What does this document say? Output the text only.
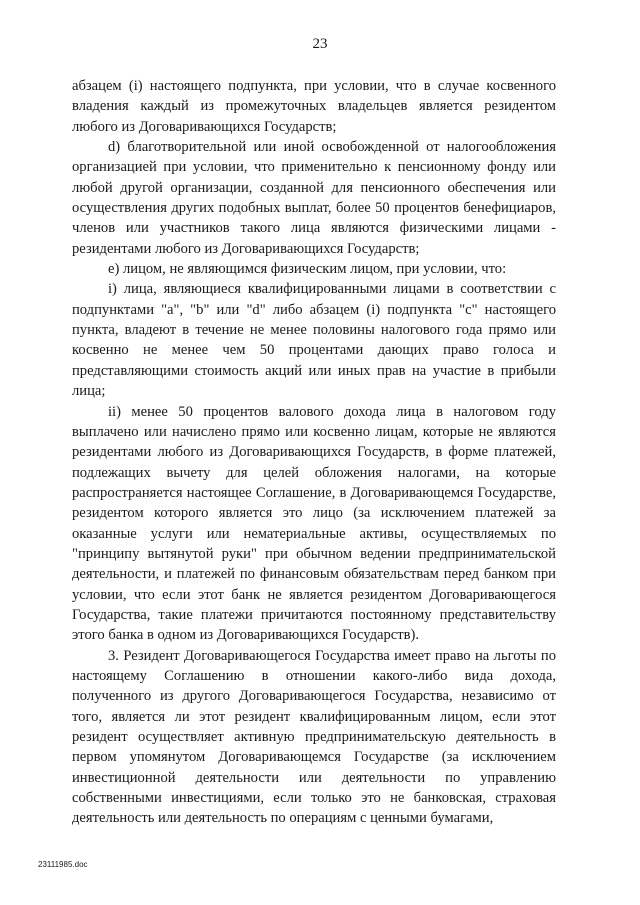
23

абзацем (i) настоящего подпункта, при условии, что в случае косвенного владения каждый из промежуточных владельцев является резидентом любого из Договаривающихся Государств;

d) благотворительной или иной освобожденной от налогообложения организацией при условии, что применительно к пенсионному фонду или любой другой организации, созданной для пенсионного обеспечения или осуществления других подобных выплат, более 50 процентов бенефициаров, членов или участников такого лица являются физическими лицами - резидентами любого из Договаривающихся Государств;

e) лицом, не являющимся физическим лицом, при условии, что:

i) лица, являющиеся квалифицированными лицами в соответствии с подпунктами "a", "b" или "d" либо абзацем (i) подпункта "c" настоящего пункта, владеют в течение не менее половины налогового года прямо или косвенно не менее чем 50 процентами дающих право голоса и представляющими стоимость акций или иных прав на участие в прибыли лица;

ii) менее 50 процентов валового дохода лица в налоговом году выплачено или начислено прямо или косвенно лицам, которые не являются резидентами любого из Договаривающихся Государств, в форме платежей, подлежащих вычету для целей обложения налогами, на которые распространяется настоящее Соглашение, в Договаривающемся Государстве, резидентом которого является это лицо (за исключением платежей за оказанные услуги или нематериальные активы, осуществляемых по "принципу вытянутой руки" при обычном ведении предпринимательской деятельности, и платежей по финансовым обязательствам перед банком при условии, что если этот банк не является резидентом Договаривающегося Государства, такие платежи причитаются постоянному представительству этого банка в одном из Договаривающихся Государств).

3. Резидент Договаривающегося Государства имеет право на льготы по настоящему Соглашению в отношении какого-либо вида дохода, полученного из другого Договаривающегося Государства, независимо от того, является ли этот резидент квалифицированным лицом, если этот резидент осуществляет активную предпринимательскую деятельность в первом упомянутом Договаривающемся Государстве (за исключением инвестиционной деятельности или деятельности по управлению собственными инвестициями, если только это не банковская, страховая деятельность или деятельность по операциям с ценными бумагами,

23111985.doc
